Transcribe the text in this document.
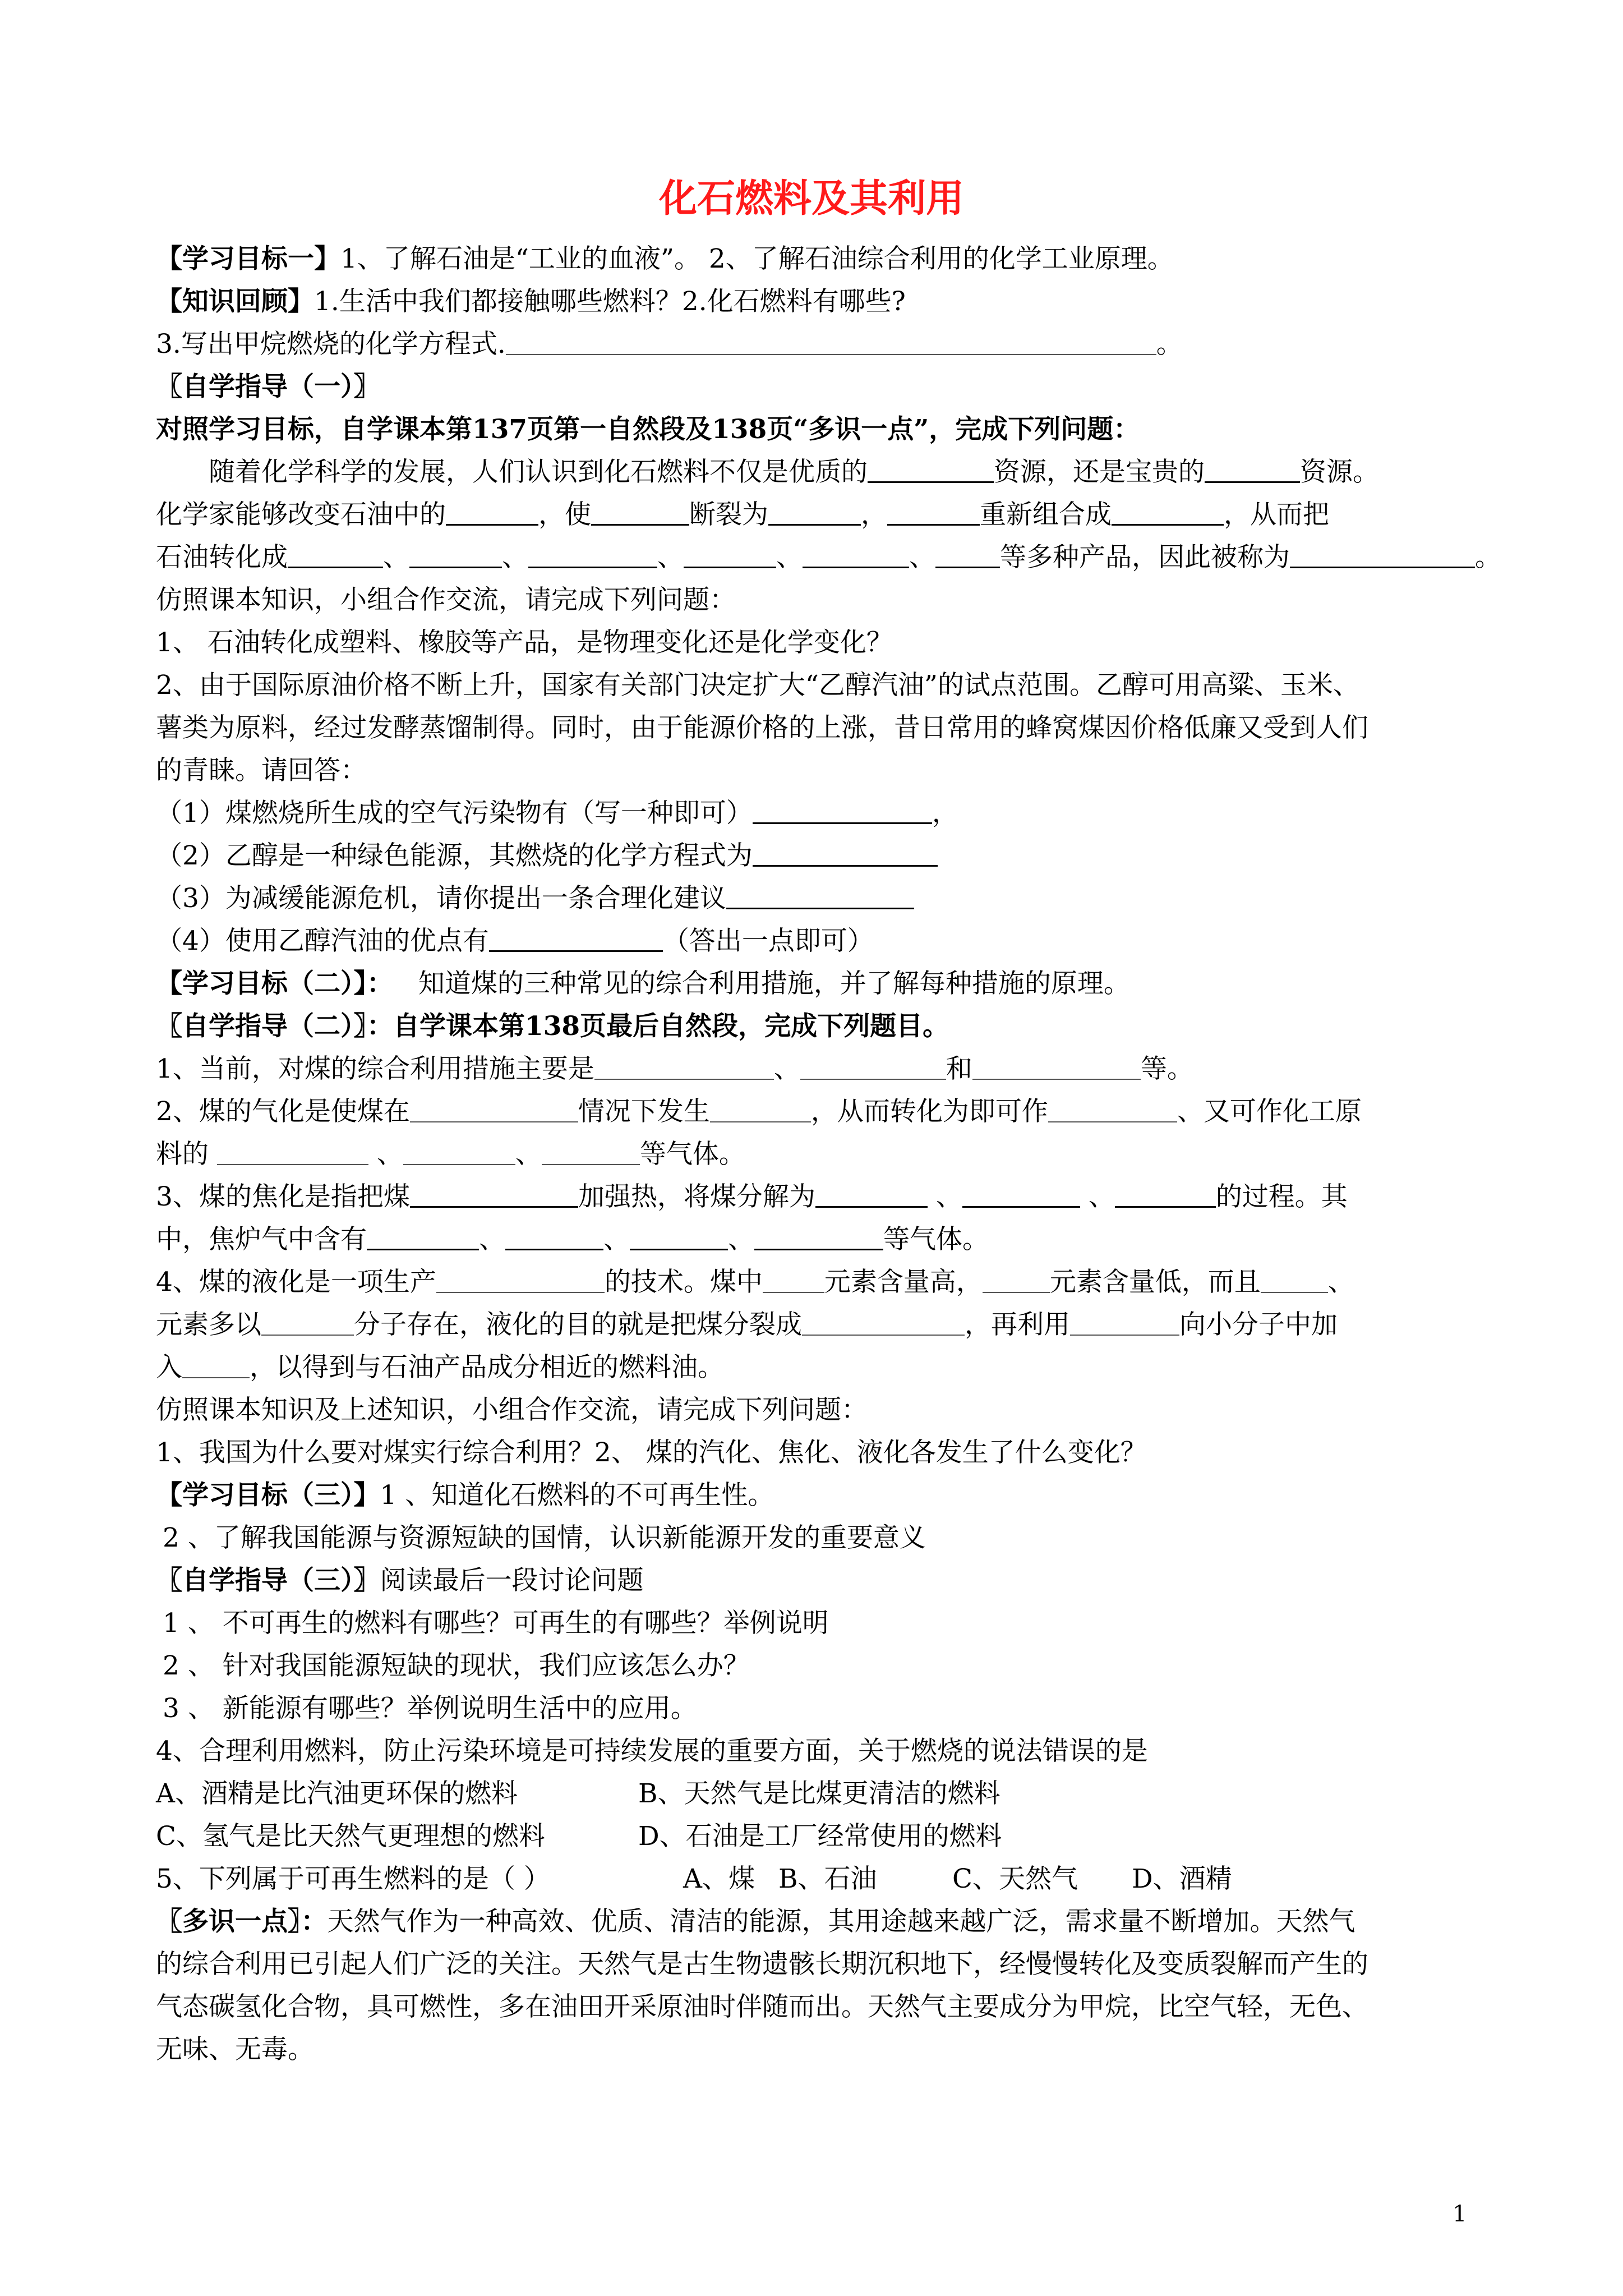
化石燃料及其利用
【学习目标一】1、了解石油是“工业的血液”。 2、了解石油综合利用的化学工业原理。
【知识回顾】1.生活中我们都接触哪些燃料？2.化石燃料有哪些?
3.写出甲烷燃烧的化学方程式.	。
〖自学指导（一）〗
对照学习目标，自学课本第137页第一自然段及138页“多识一点”，完成下列问题：
随着化学科学的发展，人们认识到化石燃料不仅是优质的	资源，还是宝贵的	资源。
化学家能够改变石油中的	，使	断裂为	，	重新组合成	，从而把
石油转化成	、	、	、	、	、 等多种产品，因此被称为	。
仿照课本知识，小组合作交流，请完成下列问题：
1、 石油转化成塑料、橡胶等产品，是物理变化还是化学变化？
2、由于国际原油价格不断上升，国家有关部门决定扩大“乙醇汽油”的试点范围。乙醇可用高粱、玉米、
薯类为原料，经过发酵蒸馏制得。同时，由于能源价格的上涨，昔日常用的蜂窝煤因价格低廉又受到人们
的青睐。请回答：
（1）煤燃烧所生成的空气污染物有（写一种即可）	，
（2）乙醇是一种绿色能源，其燃烧的化学方程式为
（3）为减缓能源危机，请你提出一条合理化建议
（4）使用乙醇汽油的优点有	（答出一点即可）
【学习目标（二）】： 知道煤的三种常见的综合利用措施，并了解每种措施的原理。
〖自学指导（二）〗：自学课本第138页最后自然段，完成下列题目。
1、当前，对煤的综合利用措施主要是	、	和	等。
2、煤的气化是使煤在	情况下发生	，从而转化为即可作	、又可作化工原
料的	、	、	等气体。
3、煤的焦化是指把煤	加强热，将煤分解为	、	、	的过程。其
中，焦炉气中含有	、	、	、	等气体。
4、煤的液化是一项生产	的技术。煤中 元素含量高，	元素含量低，而且	、
元素多以	分子存在，液化的目的就是把煤分裂成	，再利用	向小分子中加
入	，以得到与石油产品成分相近的燃料油。
仿照课本知识及上述知识，小组合作交流，请完成下列问题：
1、我国为什么要对煤实行综合利用？2、 煤的汽化、焦化、液化各发生了什么变化？
【学习目标（三）】1 、知道化石燃料的不可再生性。
2 、了解我国能源与资源短缺的国情，认识新能源开发的重要意义
〖自学指导（三）〗阅读最后一段讨论问题
1 、 不可再生的燃料有哪些？可再生的有哪些？举例说明
2 、 针对我国能源短缺的现状，我们应该怎么办？
3 、 新能源有哪些？举例说明生活中的应用。
4、合理利用燃料，防止污染环境是可持续发展的重要方面，关于燃烧的说法错误的是
A、酒精是比汽油更环保的燃料	B、天然气是比煤更清洁的燃料
C、氢气是比天然气更理想的燃料	D、石油是工厂经常使用的燃料
5、下列属于可再生燃料的是（ ）	A、煤 B、石油	C、天然气 D、酒精
〖多识一点〗：天然气作为一种高效、优质、清洁的能源，其用途越来越广泛，需求量不断增加。天然气
的综合利用已引起人们广泛的关注。天然气是古生物遗骸长期沉积地下，经慢慢转化及变质裂解而产生的
气态碳氢化合物，具可燃性，多在油田开采原油时伴随而出。天然气主要成分为甲烷，比空气轻，无色、
无味、无毒。
1
